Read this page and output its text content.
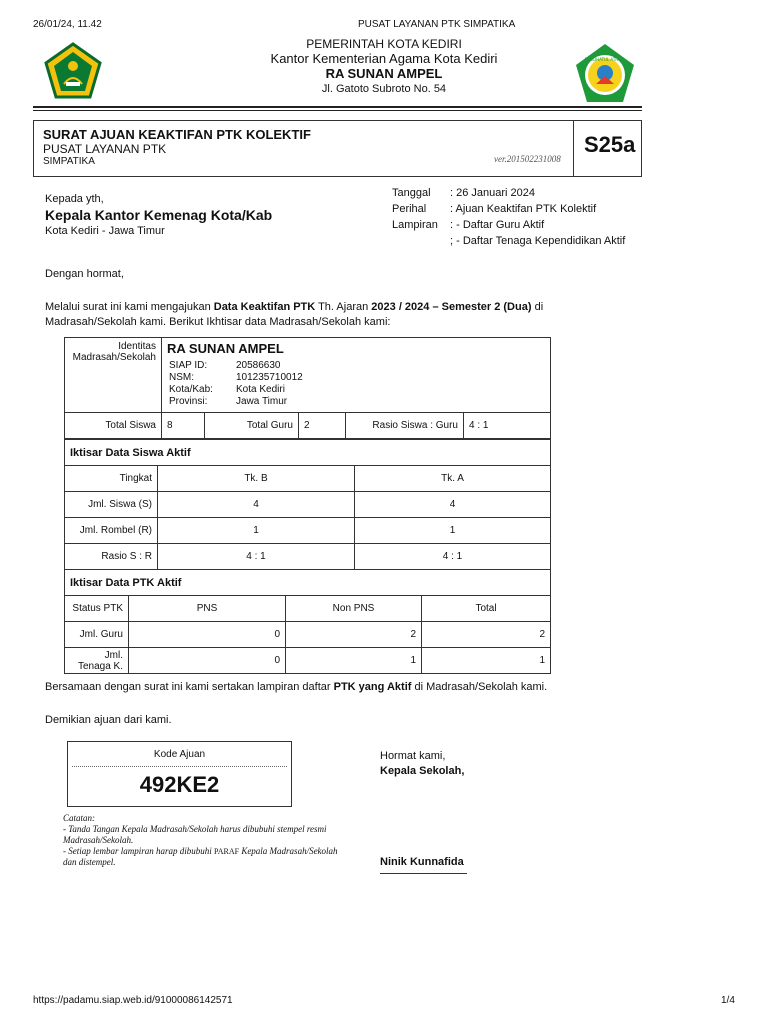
26/01/24, 11.42	PUSAT LAYANAN PTK SIMPATIKA
PEMERINTAH KOTA KEDIRI
Kantor Kementerian Agama Kota Kediri
RA SUNAN AMPEL
Jl. Gatoto Subroto No. 54
RAUDHATUL ATHFAL
SURAT AJUAN KEAKTIFAN PTK KOLEKTIF
PUSAT LAYANAN PTK
SIMPATIKA	ver.201502231008
S25a
Kepada yth,
Kepala Kantor Kemenag Kota/Kab
Kota Kediri - Jawa Timur
Tanggal	: 26 Januari 2024
Perihal	: Ajuan Keaktifan PTK Kolektif
Lampiran	: - Daftar Guru Aktif
	; - Daftar Tenaga Kependidikan Aktif
Dengan hormat,
Melalui surat ini kami mengajukan Data Keaktifan PTK Th. Ajaran 2023 / 2024 – Semester 2 (Dua) di Madrasah/Sekolah kami. Berikut Ikhtisar data Madrasah/Sekolah kami:
Identitas Madrasah/Sekolah	
RA SUNAN AMPEL
SIAP ID:	20586630
NSM:	101235710012
Kota/Kab:	Kota Kediri
Provinsi:	Jawa Timur

Total Siswa	8	Total Guru	2	Rasio Siswa : Guru	4 : 1
Iktisar Data Siswa Aktif		
Tingkat	Tk. B	Tk. A
Jml. Siswa (S)	4	4
Jml. Rombel (R)	1	1
Rasio S : R	4 : 1	4 : 1
Iktisar Data PTK Aktif			
Status PTK	PNS	Non PNS	Total
Jml. Guru	0	2	2
Jml. Tenaga K.	0	1	1
Bersamaan dengan surat ini kami sertakan lampiran daftar PTK yang Aktif di Madrasah/Sekolah kami.
Demikian ajuan dari kami.
Kode Ajuan
492KE2
Hormat kami,
Kepala Sekolah,
Ninik Kunnafida
Catatan:
- Tanda Tangan Kepala Madrasah/Sekolah harus dibubuhi stempel resmi Madrasah/Sekolah.
- Setiap lembar lampiran harap dibubuhi PARAF Kepala Madrasah/Sekolah dan distempel.
https://padamu.siap.web.id/91000086142571	1/4
